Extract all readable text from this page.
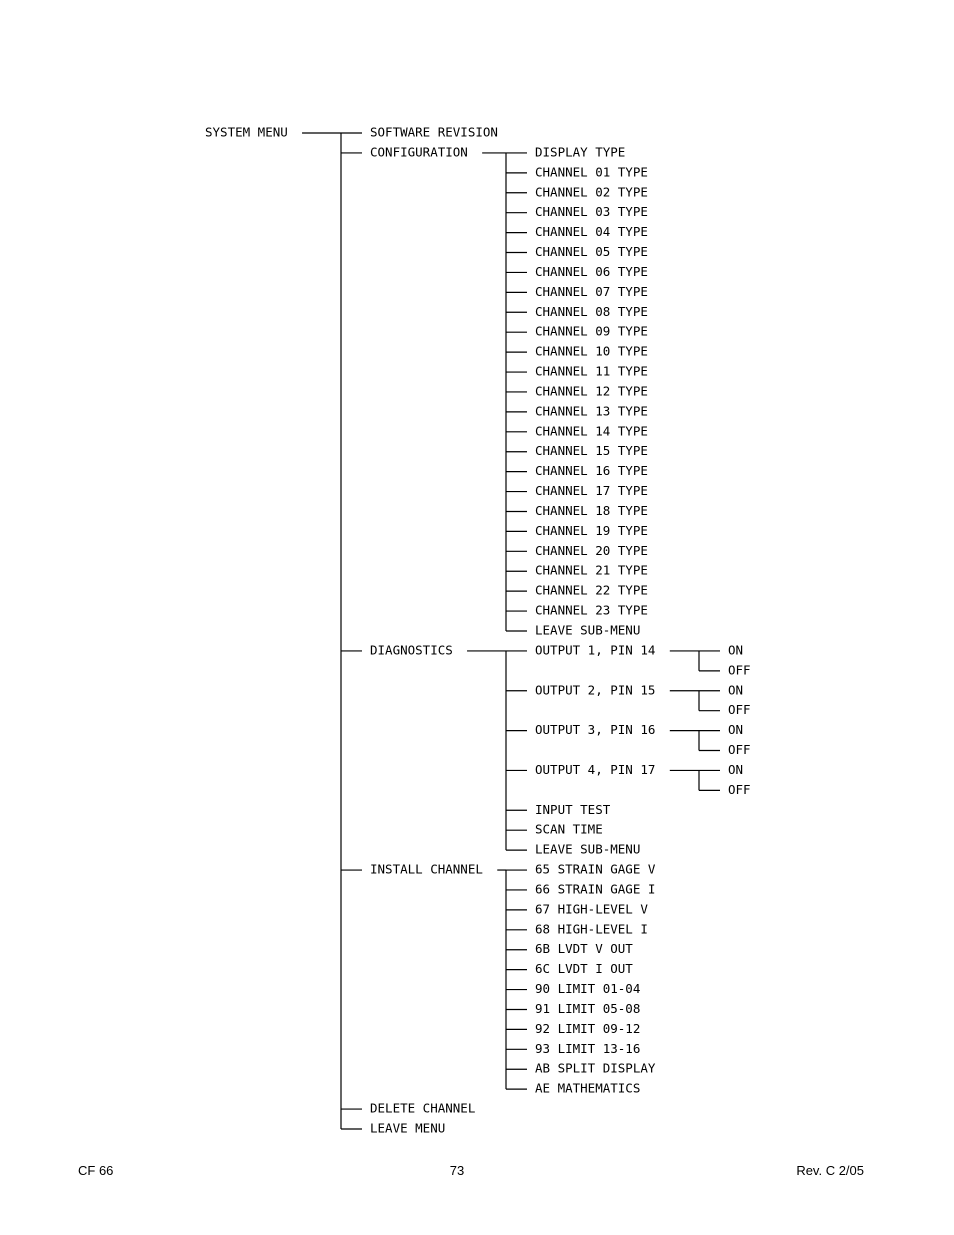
SYSTEM MENU	SOFTWARE REVISION
CONFIGURATION	DISPLAY TYPE
CHANNEL 01 TYPE
CHANNEL 02 TYPE
CHANNEL 03 TYPE
CHANNEL 04 TYPE
CHANNEL 05 TYPE
CHANNEL 06 TYPE
CHANNEL 07 TYPE
CHANNEL 08 TYPE
CHANNEL 09 TYPE
CHANNEL 10 TYPE
CHANNEL 11 TYPE
CHANNEL 12 TYPE
CHANNEL 13 TYPE
CHANNEL 14 TYPE
CHANNEL 15 TYPE
CHANNEL 16 TYPE
CHANNEL 17 TYPE
CHANNEL 18 TYPE
CHANNEL 19 TYPE
CHANNEL 20 TYPE
CHANNEL 21 TYPE
CHANNEL 22 TYPE
CHANNEL 23 TYPE
LEAVE SUB-MENU
DIAGNOSTICS	OUTPUT 1, PIN 14	ON
OFF
OUTPUT 2, PIN 15	ON
OFF
OUTPUT 3, PIN 16	ON
OFF
OUTPUT 4, PIN 17	ON
OFF
INPUT TEST
SCAN TIME
LEAVE SUB-MENU
INSTALL CHANNEL	65 STRAIN GAGE V
66 STRAIN GAGE I
67 HIGH-LEVEL V
68 HIGH-LEVEL I
6B LVDT V OUT
6C LVDT I OUT
90 LIMIT 01-04
91 LIMIT 05-08
92 LIMIT 09-12
93 LIMIT 13-16
AB SPLIT DISPLAY
AE MATHEMATICS
DELETE CHANNEL
LEAVE MENU
CF 66	73	Rev. C 2/05
